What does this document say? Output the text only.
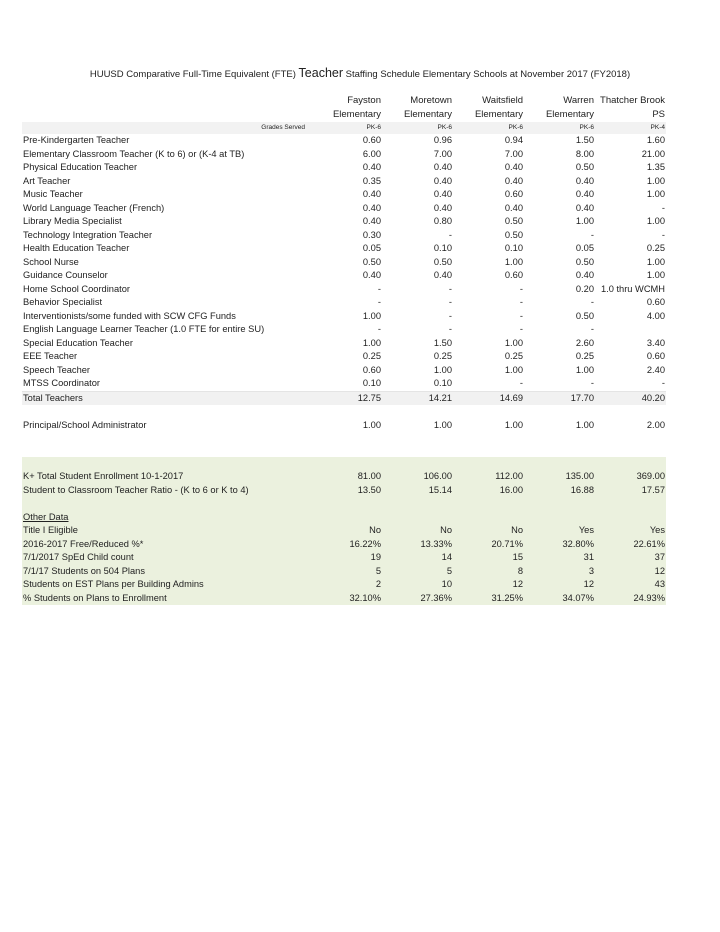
HUUSD Comparative Full-Time Equivalent (FTE) Teacher Staffing Schedule Elementary Schools at November 2017 (FY2018)
	Fayston	Moretown	Waitsfield	Warren	Thatcher Brook
	Elementary	Elementary	Elementary	Elementary	PS
Grades Served	PK-6	PK-6	PK-6	PK-6	PK-4
Pre-Kindergarten Teacher	0.60	0.96	0.94	1.50	1.60
Elementary Classroom Teacher (K to 6) or (K-4 at TB)	6.00	7.00	7.00	8.00	21.00
Physical Education Teacher	0.40	0.40	0.40	0.50	1.35
Art Teacher	0.35	0.40	0.40	0.40	1.00
Music Teacher	0.40	0.40	0.60	0.40	1.00
World Language Teacher (French)	0.40	0.40	0.40	0.40	-
Library Media Specialist	0.40	0.80	0.50	1.00	1.00
Technology Integration Teacher	0.30	-	0.50	-	-
Health Education Teacher	0.05	0.10	0.10	0.05	0.25
School Nurse	0.50	0.50	1.00	0.50	1.00
Guidance Counselor	0.40	0.40	0.60	0.40	1.00
Home School Coordinator	-	-	-	0.20	1.0 thru WCMH
Behavior Specialist	-	-	-	-	0.60
Interventionists/some funded with SCW CFG Funds	1.00	-	-	0.50	4.00
English Language Learner Teacher (1.0 FTE for entire SU)	-	-	-	-	
Special Education Teacher	1.00	1.50	1.00	2.60	3.40
EEE Teacher	0.25	0.25	0.25	0.25	0.60
Speech Teacher	0.60	1.00	1.00	1.00	2.40
MTSS Coordinator	0.10	0.10	-	-	-
Total Teachers	12.75	14.21	14.69	17.70	40.20

Principal/School Administrator	1.00	1.00	1.00	1.00	2.00

K+ Total Student Enrollment 10-1-2017	81.00	106.00	112.00	135.00	369.00
Student to Classroom Teacher Ratio - (K to 6 or K to 4)	13.50	15.14	16.00	16.88	17.57

Other Data					
Title I Eligible	No	No	No	Yes	Yes
2016-2017 Free/Reduced %*	16.22%	13.33%	20.71%	32.80%	22.61%
7/1/2017 SpEd Child count	19	14	15	31	37
7/1/17 Students on 504 Plans	5	5	8	3	12
Students on EST Plans per Building Admins	2	10	12	12	43
% Students on Plans to Enrollment	32.10%	27.36%	31.25%	34.07%	24.93%
